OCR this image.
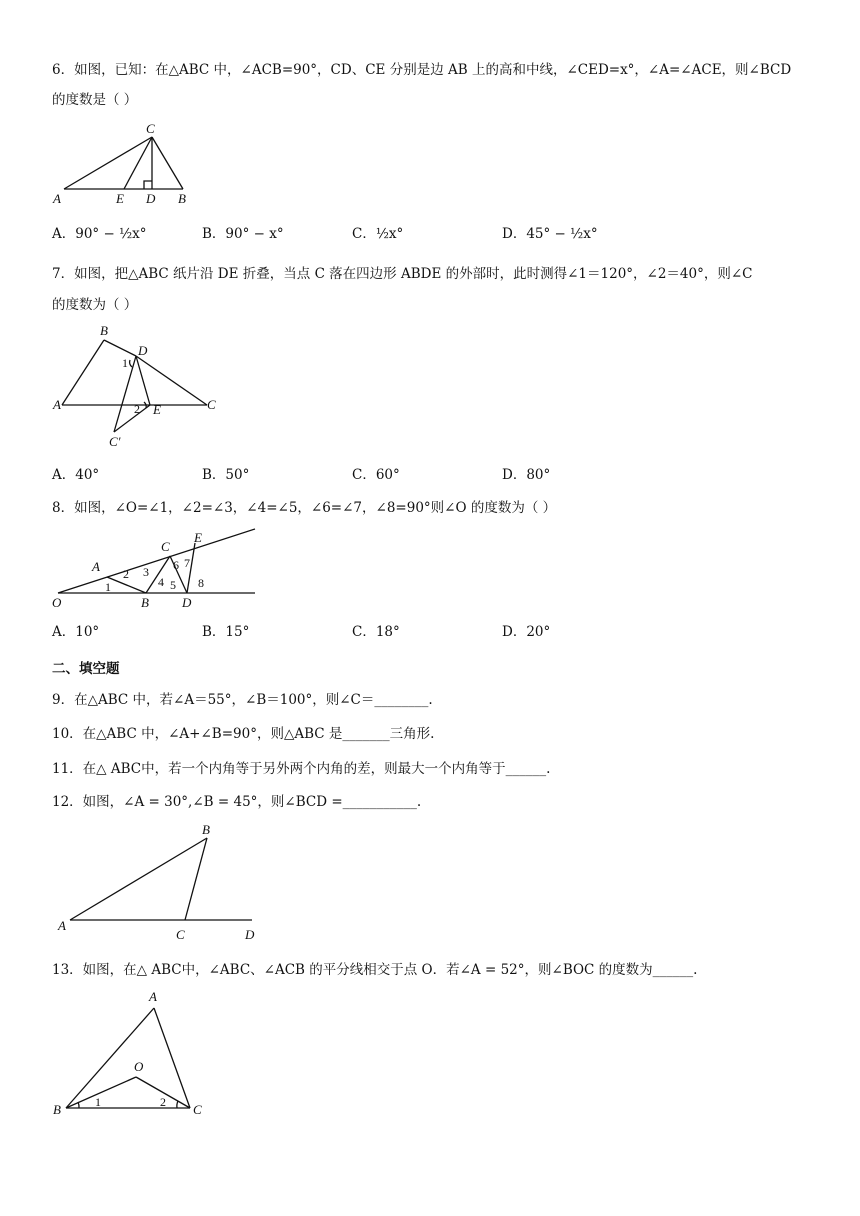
6．如图，已知：在△ABC 中，∠ACB=90°，CD、CE 分别是边 AB 上的高和中线，∠CED=x°，∠A=∠ACE，则∠BCD
的度数是（ ）
C
A	E D B
A．90° − ½x°	B．90° − x°	C．½x°	D．45° − ½x°
7．如图，把△ABC 纸片沿 DE 折叠，当点 C 落在四边形 ABDE 的外部时，此时测得∠1＝120°，∠2＝40°，则∠C
的度数为（ ）
B
D
1
A	2 E	C
C′
A．40°	B．50°	C．60°	D．80°
8．如图，∠O=∠1，∠2=∠3，∠4=∠5，∠6=∠7，∠8=90°则∠O 的度数为（ ）
O
A
C
E
B	D
1
2 3
4 5
6 7
8
A．10°	B．15°	C．18°	D．20°
二、填空题
9．在△ABC 中，若∠A＝55°，∠B＝100°，则∠C＝________.
10．在△ABC 中，∠A+∠B=90°，则△ABC 是_______三角形.
11．在△ ABC中，若一个内角等于另外两个内角的差，则最大一个内角等于______.
12．如图，∠A = 30°,∠B = 45°，则∠BCD =___________.
B
A
C	D
13．如图，在△ ABC中，∠ABC、∠ACB 的平分线相交于点 O．若∠A = 52°，则∠BOC 的度数为______.
A
O
B	C
1	2
